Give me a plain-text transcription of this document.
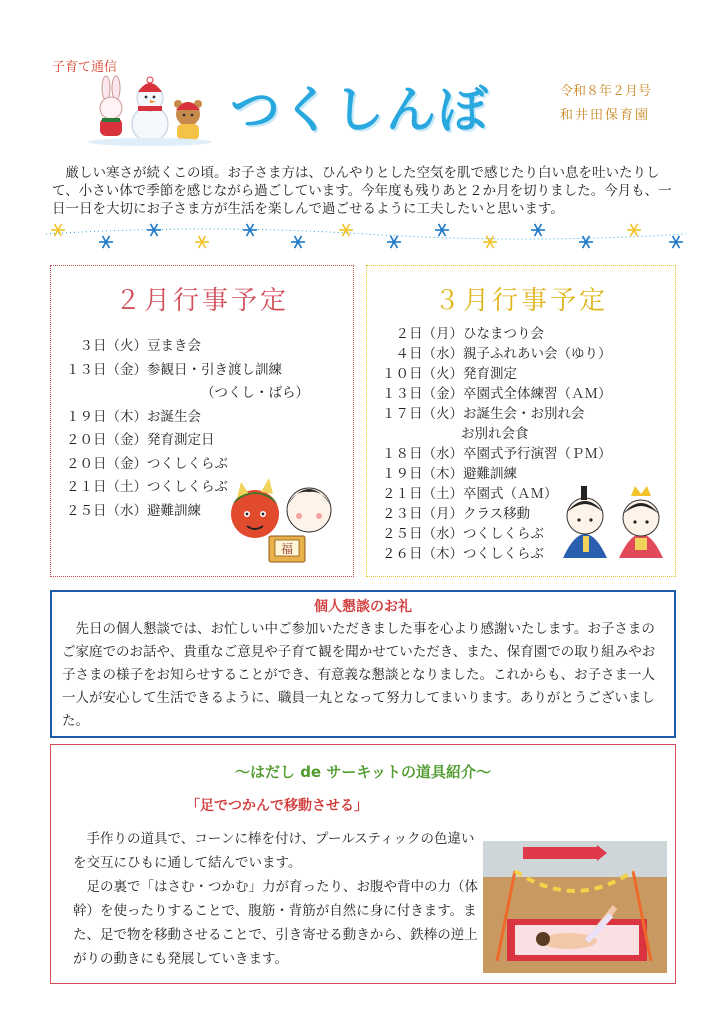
子育て通信
つくしんぼ	令和８年２月号
和井田保育園
厳しい寒さが続くこの頃。お子さま方は、ひんやりとした空気を肌で感じたり白い息を吐いたりして、小さい体で季節を感じながら過ごしています。今年度も残りあと２か月を切りました。今月も、一日一日を大切にお子さま方が生活を楽しんで過ごせるように工夫したいと思います。
２月行事予定
３日（火）豆まき会
１３日（金）参観日・引き渡し訓練
（つくし・ばら）
１９日（木）お誕生会
２０日（金）発育測定日
２０日（金）つくしくらぶ
２１日（土）つくしくらぶ
２５日（水）避難訓練
福
３月行事予定
２日（月）ひなまつり会
４日（水）親子ふれあい会（ゆり）
１０日（火）発育測定
１３日（金）卒園式全体練習（ＡＭ）
１７日（火）お誕生会・お別れ会
お別れ会食
１８日（水）卒園式予行演習（ＰＭ）
１９日（木）避難訓練
２１日（土）卒園式（ＡＭ）
２３日（月）クラス移動
２５日（水）つくしくらぶ
２６日（木）つくしくらぶ
個人懇談のお礼
先日の個人懇談では、お忙しい中ご参加いただきました事を心より感謝いたします。お子さまのご家庭でのお話や、貴重なご意見や子育て観を聞かせていただき、また、保育園での取り組みやお子さまの様子をお知らせすることができ、有意義な懇談となりました。これからも、お子さま一人一人が安心して生活できるように、職員一丸となって努力してまいります。ありがとうございました。
～はだし de サーキットの道具紹介～
「足でつかんで移動させる」

手作りの道具で、コーンに棒を付け、プールスティックの色違いを交互にひもに通して結んでいます。

足の裏で「はさむ・つかむ」力が育ったり、お腹や背中の力（体幹）を使ったりすることで、腹筋・背筋が自然に身に付きます。また、足で物を移動させることで、引き寄せる動きから、鉄棒の逆上がりの動きにも発展していきます。
